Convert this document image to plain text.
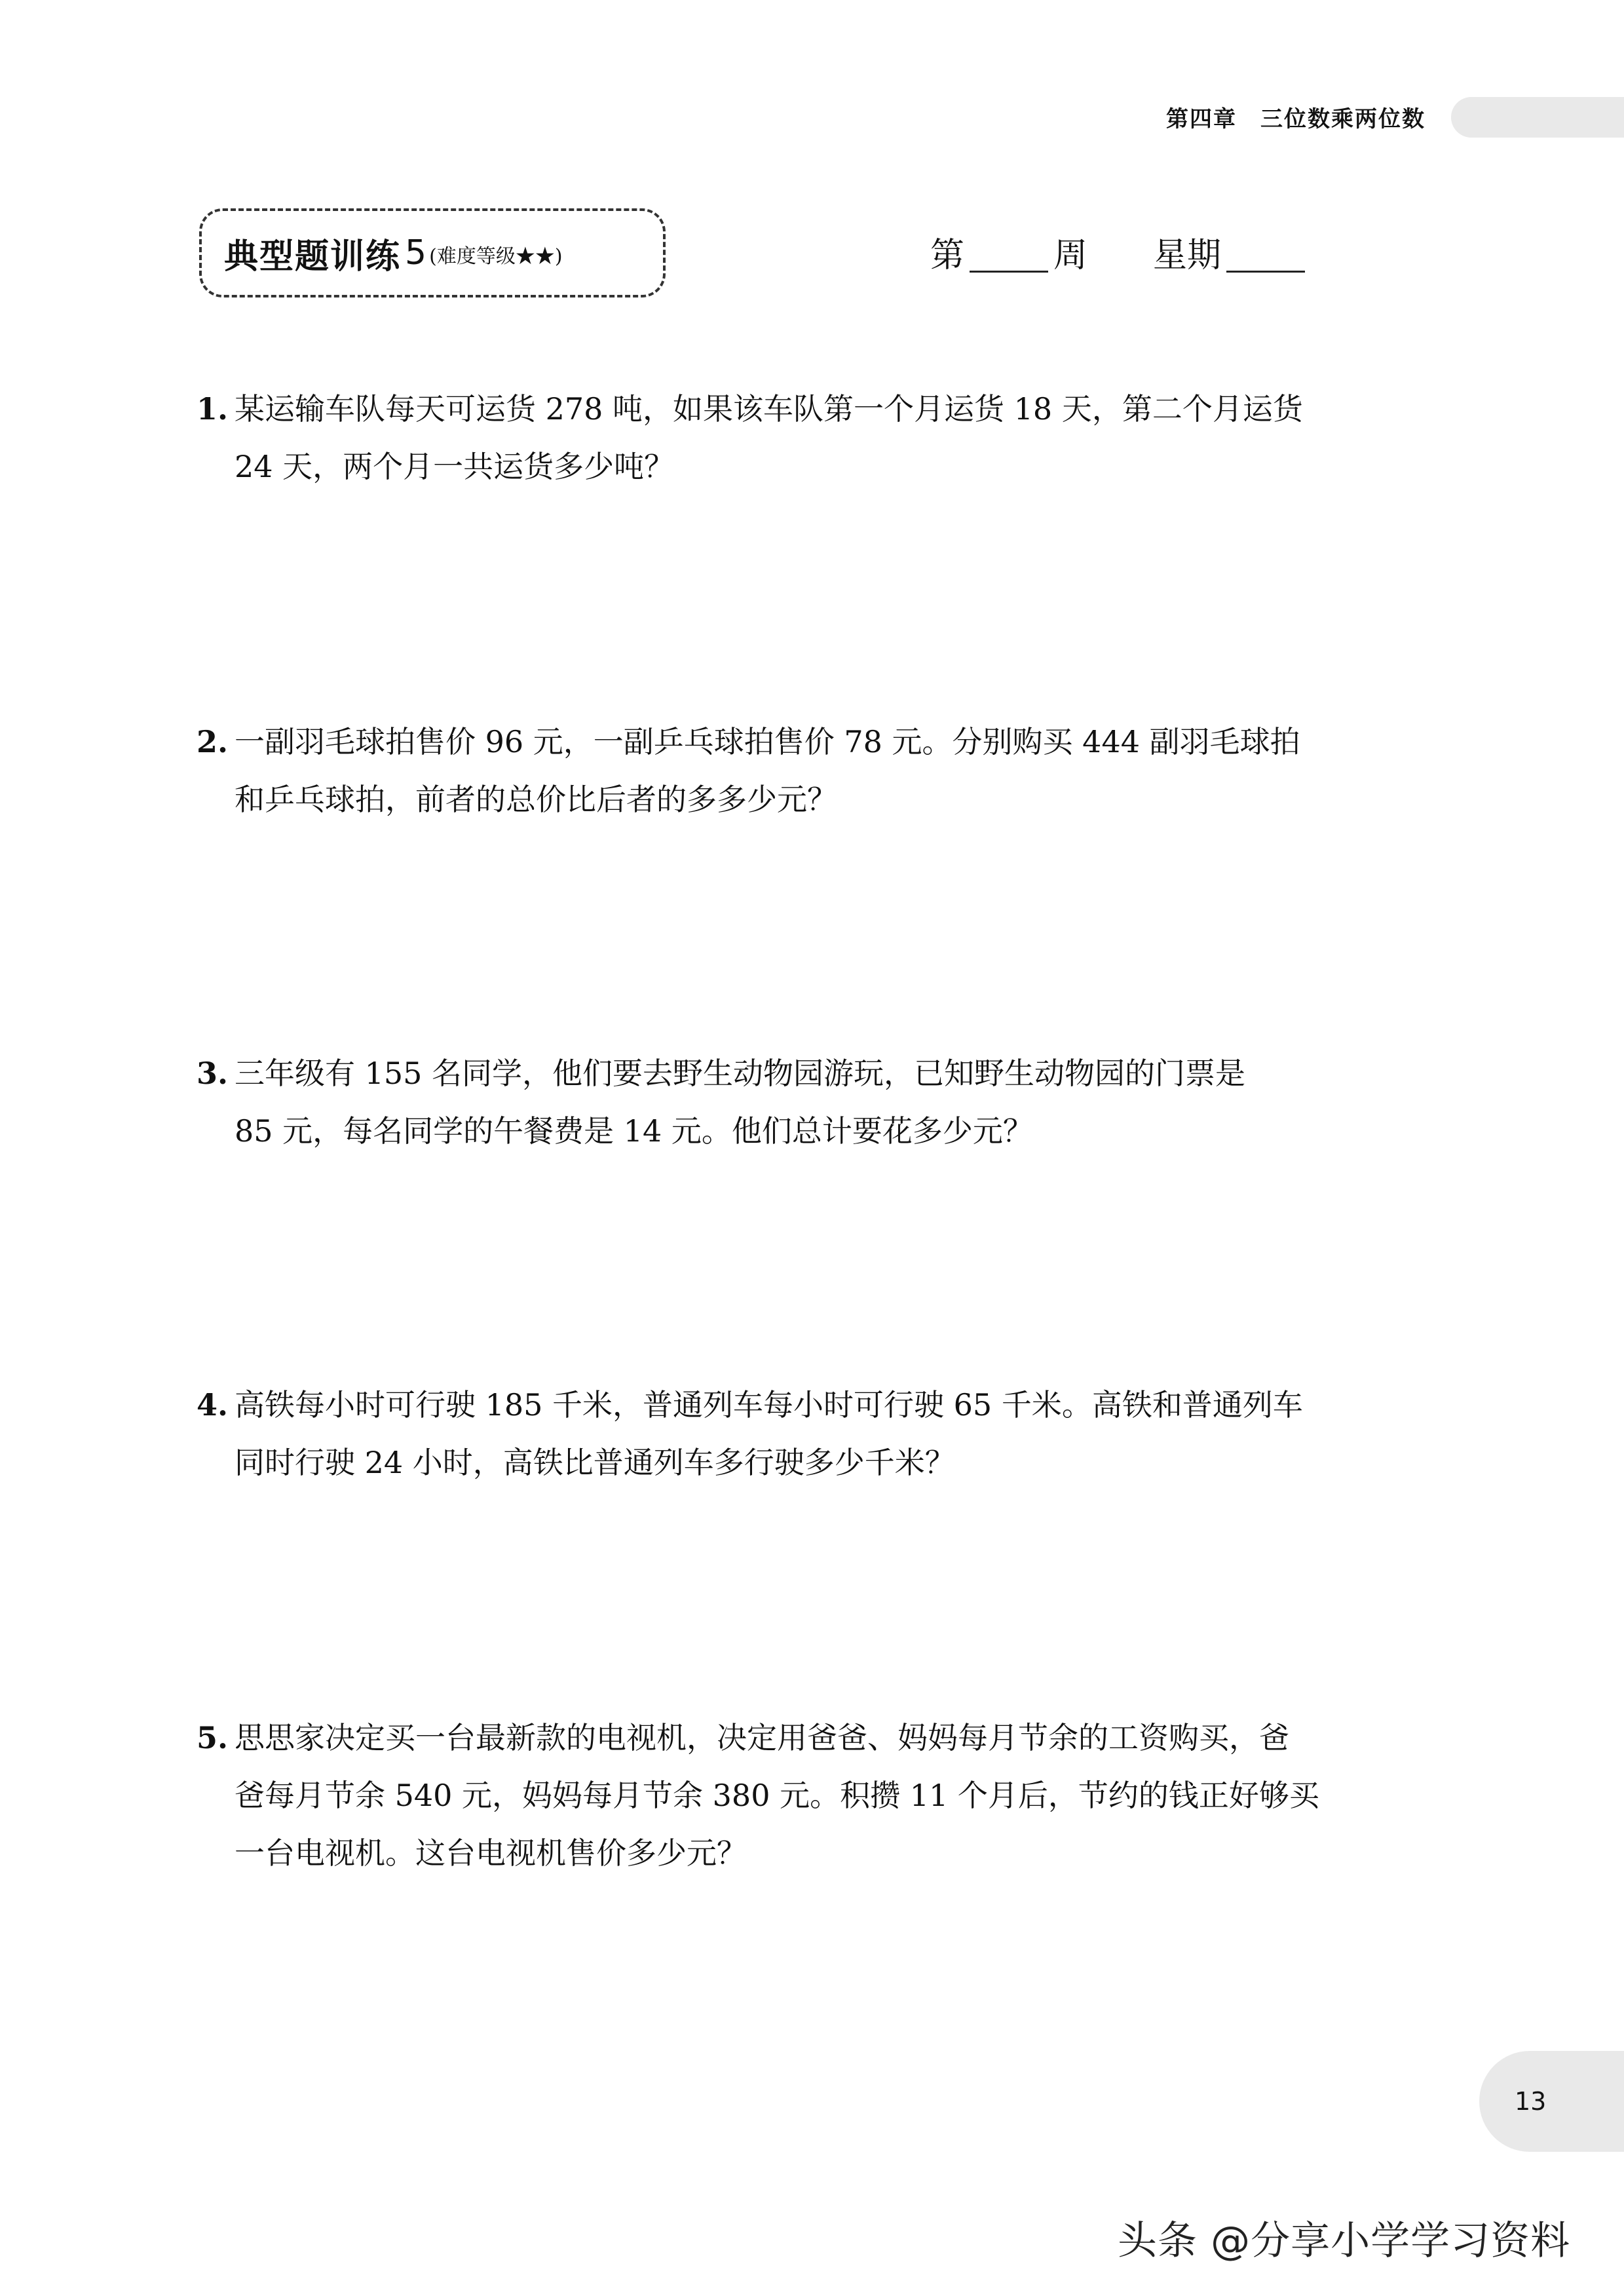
第四章　三位数乘两位数
典型题训练 5 (难度等级★★)	第	周 星期
1. 某运输车队每天可运货 278 吨，如果该车队第一个月运货 18 天，第二个月运货
24 天，两个月一共运货多少吨？
2. 一副羽毛球拍售价 96 元，一副乒乓球拍售价 78 元。分别购买 444 副羽毛球拍
和乒乓球拍，前者的总价比后者的多多少元？
3. 三年级有 155 名同学，他们要去野生动物园游玩，已知野生动物园的门票是
85 元，每名同学的午餐费是 14 元。他们总计要花多少元？
4. 高铁每小时可行驶 185 千米，普通列车每小时可行驶 65 千米。高铁和普通列车
同时行驶 24 小时，高铁比普通列车多行驶多少千米？
5. 思思家决定买一台最新款的电视机，决定用爸爸、妈妈每月节余的工资购买，爸
爸每月节余 540 元，妈妈每月节余 380 元。积攒 11 个月后，节约的钱正好够买
一台电视机。这台电视机售价多少元？
13
头条 @分享小学学习资料
